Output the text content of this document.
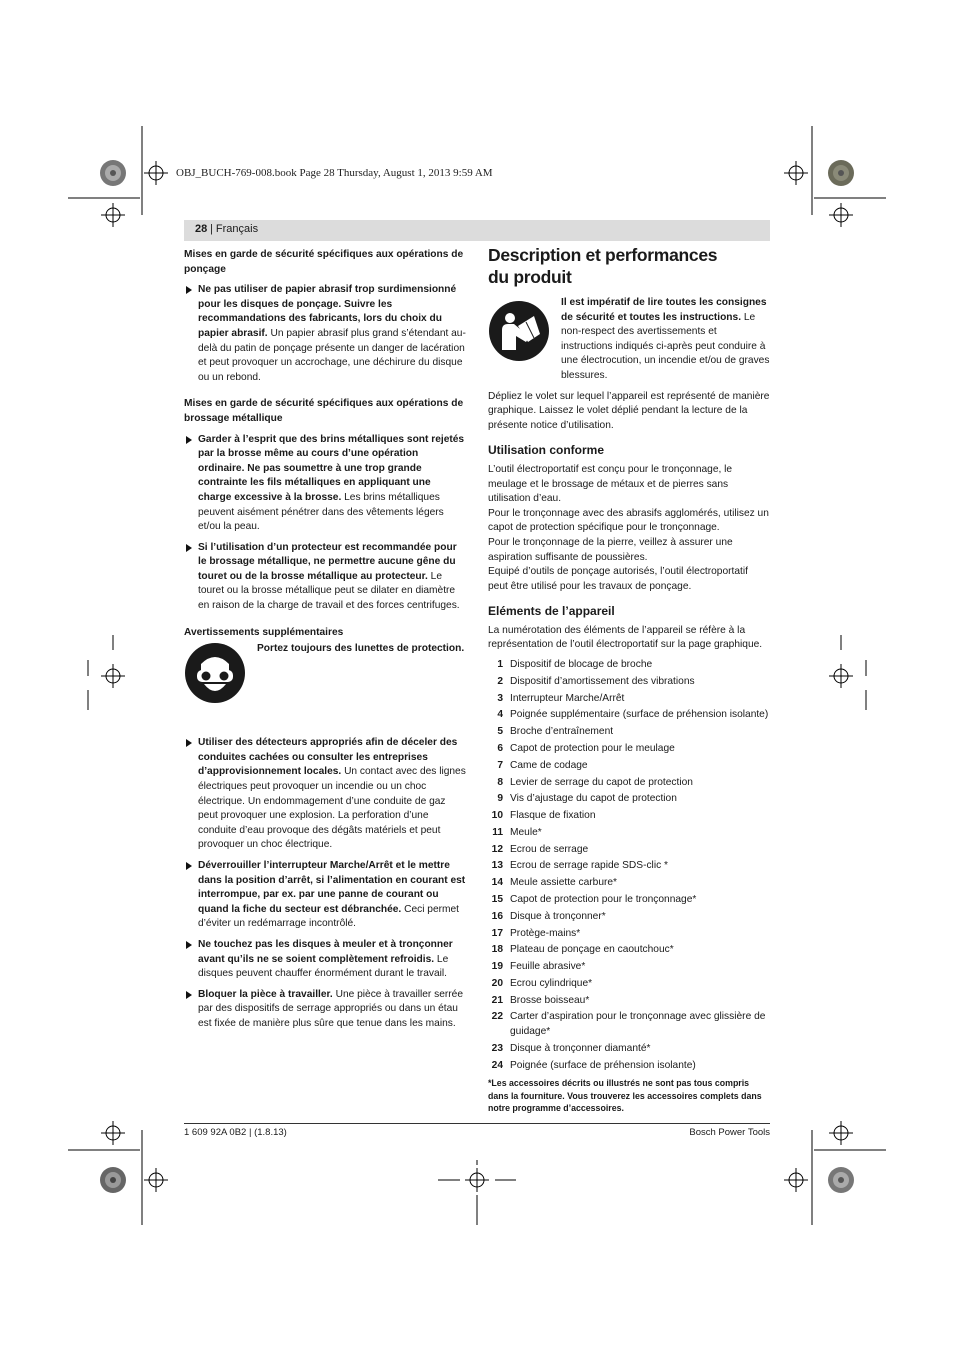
OBJ_BUCH-769-008.book Page 28 Thursday, August 1, 2013 9:59 AM
28 | Français

Mises en garde de sécurité spécifiques aux opérations de ponçage

Ne pas utiliser de papier abrasif trop surdimensionné pour les disques de ponçage. Suivre les recommandations des fabricants, lors du choix du papier abrasif. Un papier abrasif plus grand s’étendant au-delà du patin de ponçage présente un danger de lacération et peut provoquer un accrochage, une déchirure du disque ou un rebond.

Mises en garde de sécurité spécifiques aux opérations de brossage métallique

Garder à l’esprit que des brins métalliques sont rejetés par la brosse même au cours d’une opération ordinaire. Ne pas soumettre à une trop grande contrainte les fils métalliques en appliquant une charge excessive à la brosse. Les brins métalliques peuvent aisément pénétrer dans des vêtements légers et/ou la peau.
Si l’utilisation d’un protecteur est recommandée pour le brossage métallique, ne permettre aucune gêne du touret ou de la brosse métallique au protecteur. Le touret ou la brosse métallique peut se dilater en diamètre en raison de la charge de travail et des forces centrifuges.

Avertissements supplémentaires

Portez toujours des lunettes de protection.
Utiliser des détecteurs appropriés afin de déceler des conduites cachées ou consulter les entreprises d’approvisionnement locales. Un contact avec des lignes électriques peut provoquer un incendie ou un choc électrique. Un endommagement d’une conduite de gaz peut provoquer une explosion. La perforation d’une conduite d’eau provoque des dégâts matériels et peut provoquer un choc électrique.
Déverrouiller l’interrupteur Marche/Arrêt et le mettre dans la position d’arrêt, si l’alimentation en courant est interrompue, par ex. par une panne de courant ou quand la fiche du secteur est débranchée. Ceci permet d’éviter un redémarrage incontrôlé.
Ne touchez pas les disques à meuler et à tronçonner avant qu’ils ne se soient complètement refroidis. Le disques peuvent chauffer énormément durant le travail.
Bloquer la pièce à travailler. Une pièce à travailler serrée par des dispositifs de serrage appropriés ou dans un étau est fixée de manière plus sûre que tenue dans les mains.
Description et performances
du produit
Il est impératif de lire toutes les consignes de sécurité et toutes les instructions. Le non-respect des avertissements et instructions indiqués ci-après peut conduire à une électrocution, un incendie et/ou de graves blessures.

Dépliez le volet sur lequel l’appareil est représenté de manière graphique. Laissez le volet déplié pendant la lecture de la présente notice d’utilisation.

Utilisation conforme

L’outil électroportatif est conçu pour le tronçonnage, le meulage et le brossage de métaux et de pierres sans utilisation d’eau.

Pour le tronçonnage avec des abrasifs agglomérés, utilisez un capot de protection spécifique pour le tronçonnage.

Pour le tronçonnage de la pierre, veillez à assurer une aspiration suffisante de poussières.

Equipé d’outils de ponçage autorisés, l’outil électroportatif peut être utilisé pour les travaux de ponçage.

Eléments de l’appareil

La numérotation des éléments de l’appareil se réfère à la représentation de l’outil électroportatif sur la page graphique.

1 Dispositif de blocage de broche
2 Dispositif d’amortissement des vibrations
3 Interrupteur Marche/Arrêt
4 Poignée supplémentaire (surface de préhension isolante)
5 Broche d’entraînement
6 Capot de protection pour le meulage
7 Came de codage
8 Levier de serrage du capot de protection
9 Vis d’ajustage du capot de protection
10 Flasque de fixation
11 Meule*
12 Ecrou de serrage
13 Ecrou de serrage rapide SDS-clic *
14 Meule assiette carbure*
15 Capot de protection pour le tronçonnage*
16 Disque à tronçonner*
17 Protège-mains*
18 Plateau de ponçage en caoutchouc*
19 Feuille abrasive*
20 Ecrou cylindrique*
21 Brosse boisseau*
22 Carter d’aspiration pour le tronçonnage avec glissière de guidage*
23 Disque à tronçonner diamanté*
24 Poignée (surface de préhension isolante)

*Les accessoires décrits ou illustrés ne sont pas tous compris dans la fourniture. Vous trouverez les accessoires complets dans notre programme d’accessoires.

1 609 92A 0B2 | (1.8.13)	Bosch Power Tools
